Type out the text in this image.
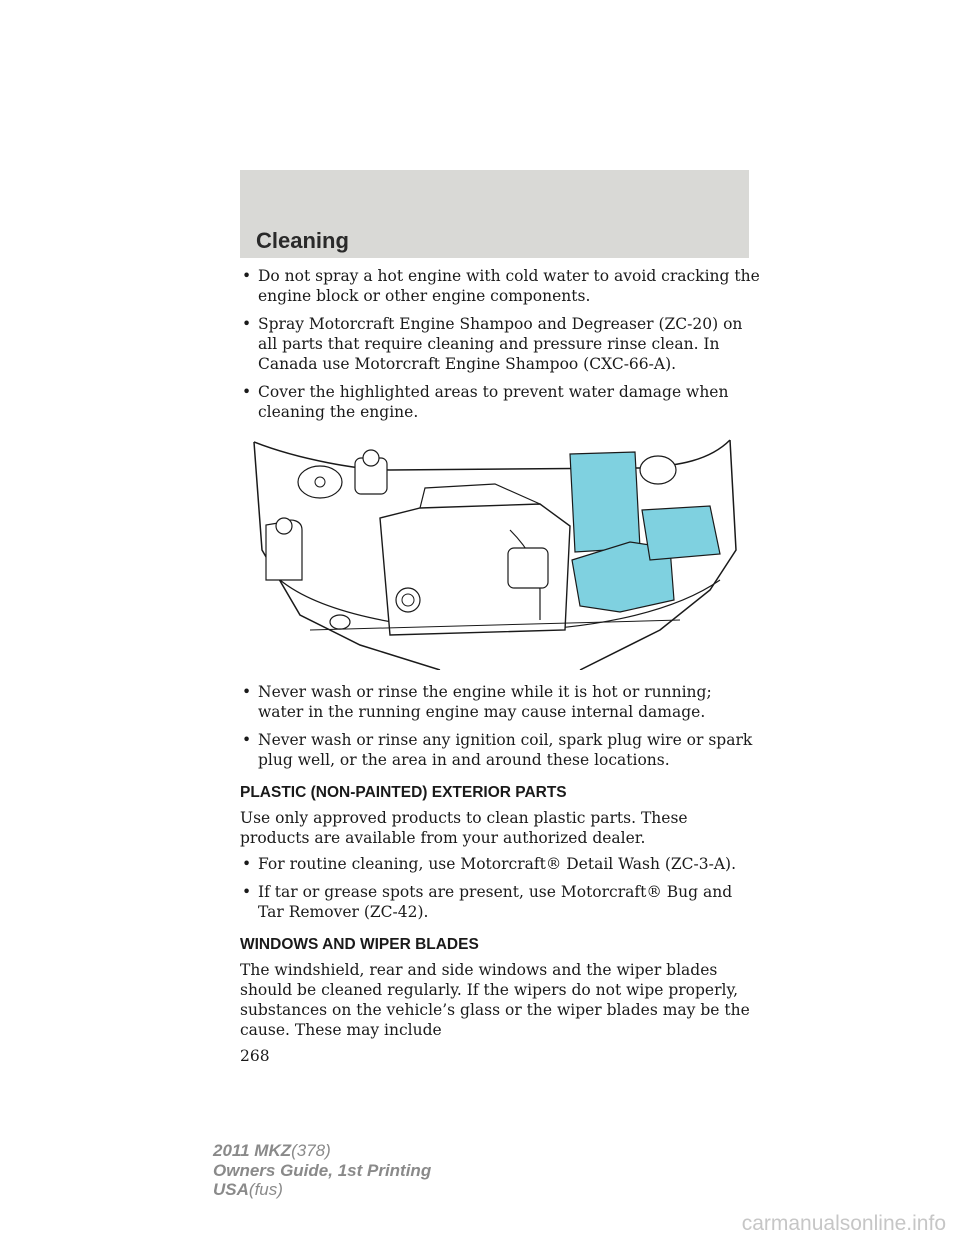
Cleaning
• Do not spray a hot engine with cold water to avoid cracking the engine block or other engine components.
• Spray Motorcraft Engine Shampoo and Degreaser (ZC-20) on all parts that require cleaning and pressure rinse clean. In Canada use Motorcraft Engine Shampoo (CXC-66-A).
• Cover the highlighted areas to prevent water damage when cleaning the engine.
• Never wash or rinse the engine while it is hot or running; water in the running engine may cause internal damage.
• Never wash or rinse any ignition coil, spark plug wire or spark plug well, or the area in and around these locations.
PLASTIC (NON-PAINTED) EXTERIOR PARTS
Use only approved products to clean plastic parts. These products are available from your authorized dealer.
• For routine cleaning, use Motorcraft® Detail Wash (ZC-3-A).
• If tar or grease spots are present, use Motorcraft® Bug and Tar Remover (ZC-42).
WINDOWS AND WIPER BLADES
The windshield, rear and side windows and the wiper blades should be cleaned regularly. If the wipers do not wipe properly, substances on the vehicle’s glass or the wiper blades may be the cause. These may include
268
2011 MKZ(378)
Owners Guide, 1st Printing
USA(fus)
carmanualsonline.info
